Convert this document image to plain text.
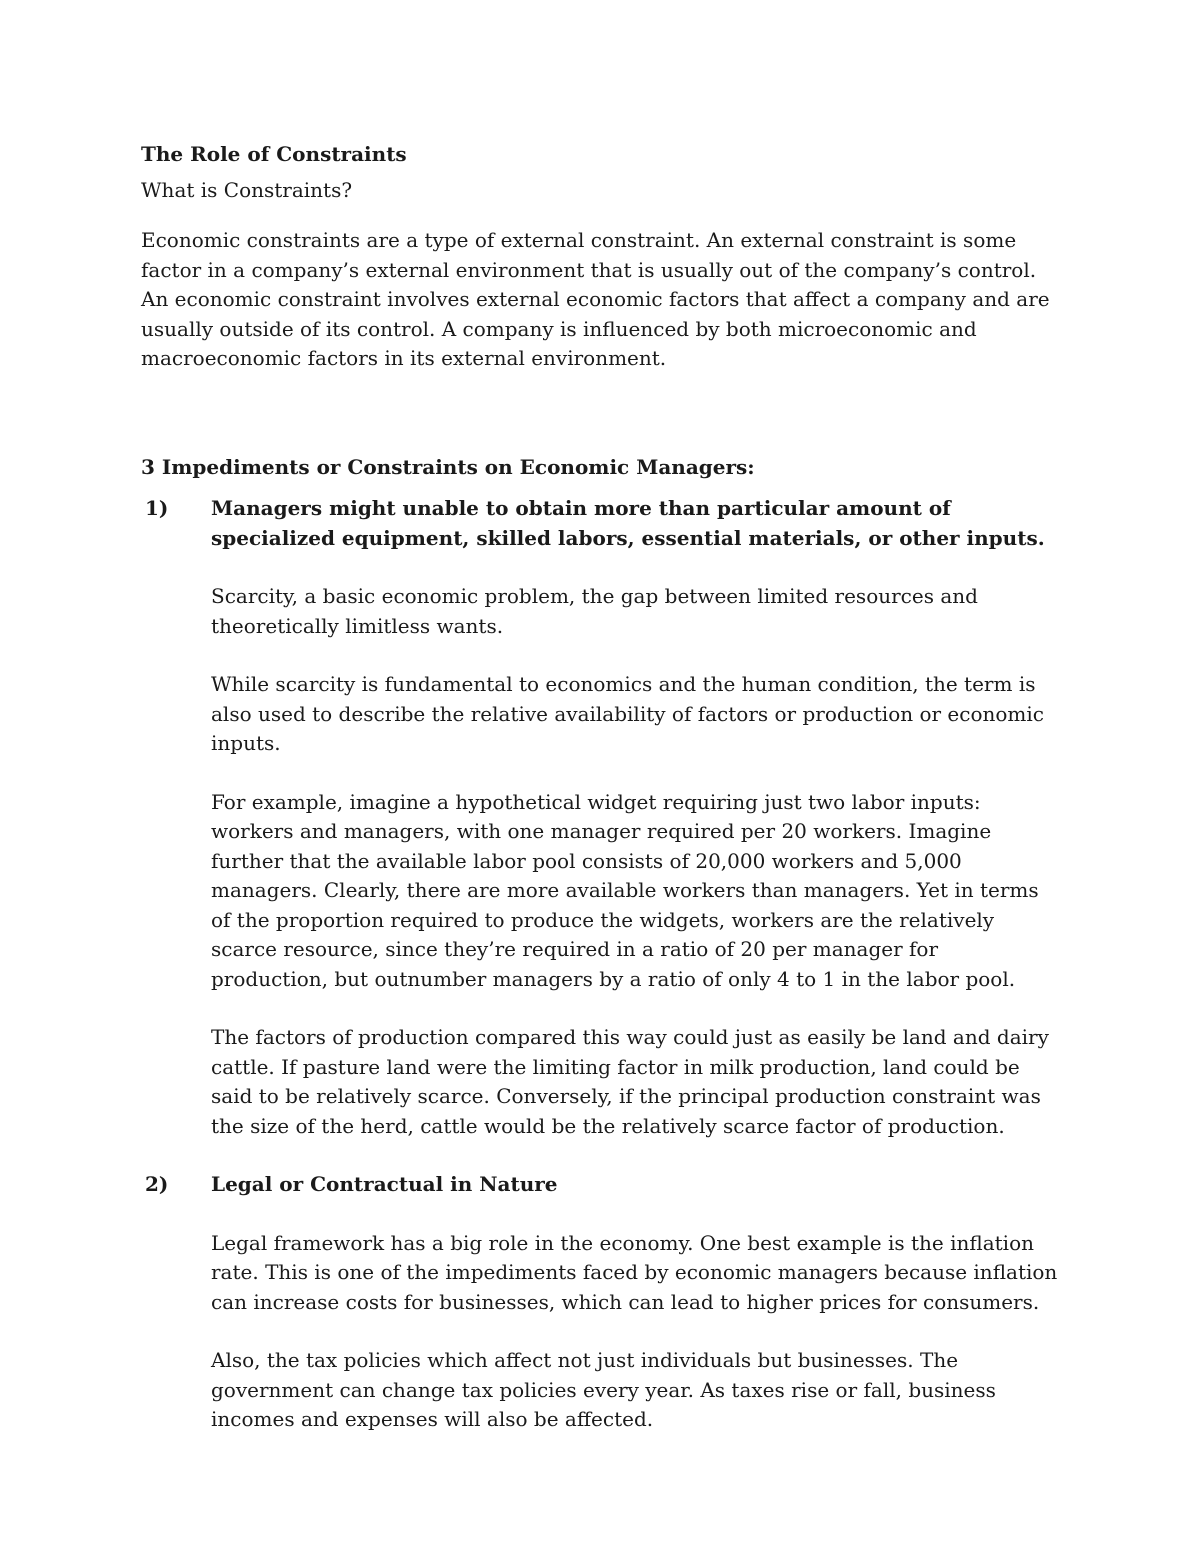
The Role of Constraints
What is Constraints?
Economic constraints are a type of external constraint. An external constraint is some factor in a company’s external environment that is usually out of the company’s control. An economic constraint involves external economic factors that affect a company and are usually outside of its control. A company is influenced by both microeconomic and macroeconomic factors in its external environment.
3 Impediments or Constraints on Economic Managers:
1) Managers might unable to obtain more than particular amount of specialized equipment, skilled labors, essential materials, or other inputs.
Scarcity, a basic economic problem, the gap between limited resources and theoretically limitless wants.
While scarcity is fundamental to economics and the human condition, the term is also used to describe the relative availability of factors or production or economic inputs.
For example, imagine a hypothetical widget requiring just two labor inputs: workers and managers, with one manager required per 20 workers. Imagine further that the available labor pool consists of 20,000 workers and 5,000 managers. Clearly, there are more available workers than managers. Yet in terms of the proportion required to produce the widgets, workers are the relatively scarce resource, since they’re required in a ratio of 20 per manager for production, but outnumber managers by a ratio of only 4 to 1 in the labor pool.
The factors of production compared this way could just as easily be land and dairy cattle. If pasture land were the limiting factor in milk production, land could be said to be relatively scarce. Conversely, if the principal production constraint was the size of the herd, cattle would be the relatively scarce factor of production.
2) Legal or Contractual in Nature
Legal framework has a big role in the economy. One best example is the inflation rate. This is one of the impediments faced by economic managers because inflation can increase costs for businesses, which can lead to higher prices for consumers.
Also, the tax policies which affect not just individuals but businesses. The government can change tax policies every year. As taxes rise or fall, business incomes and expenses will also be affected.
